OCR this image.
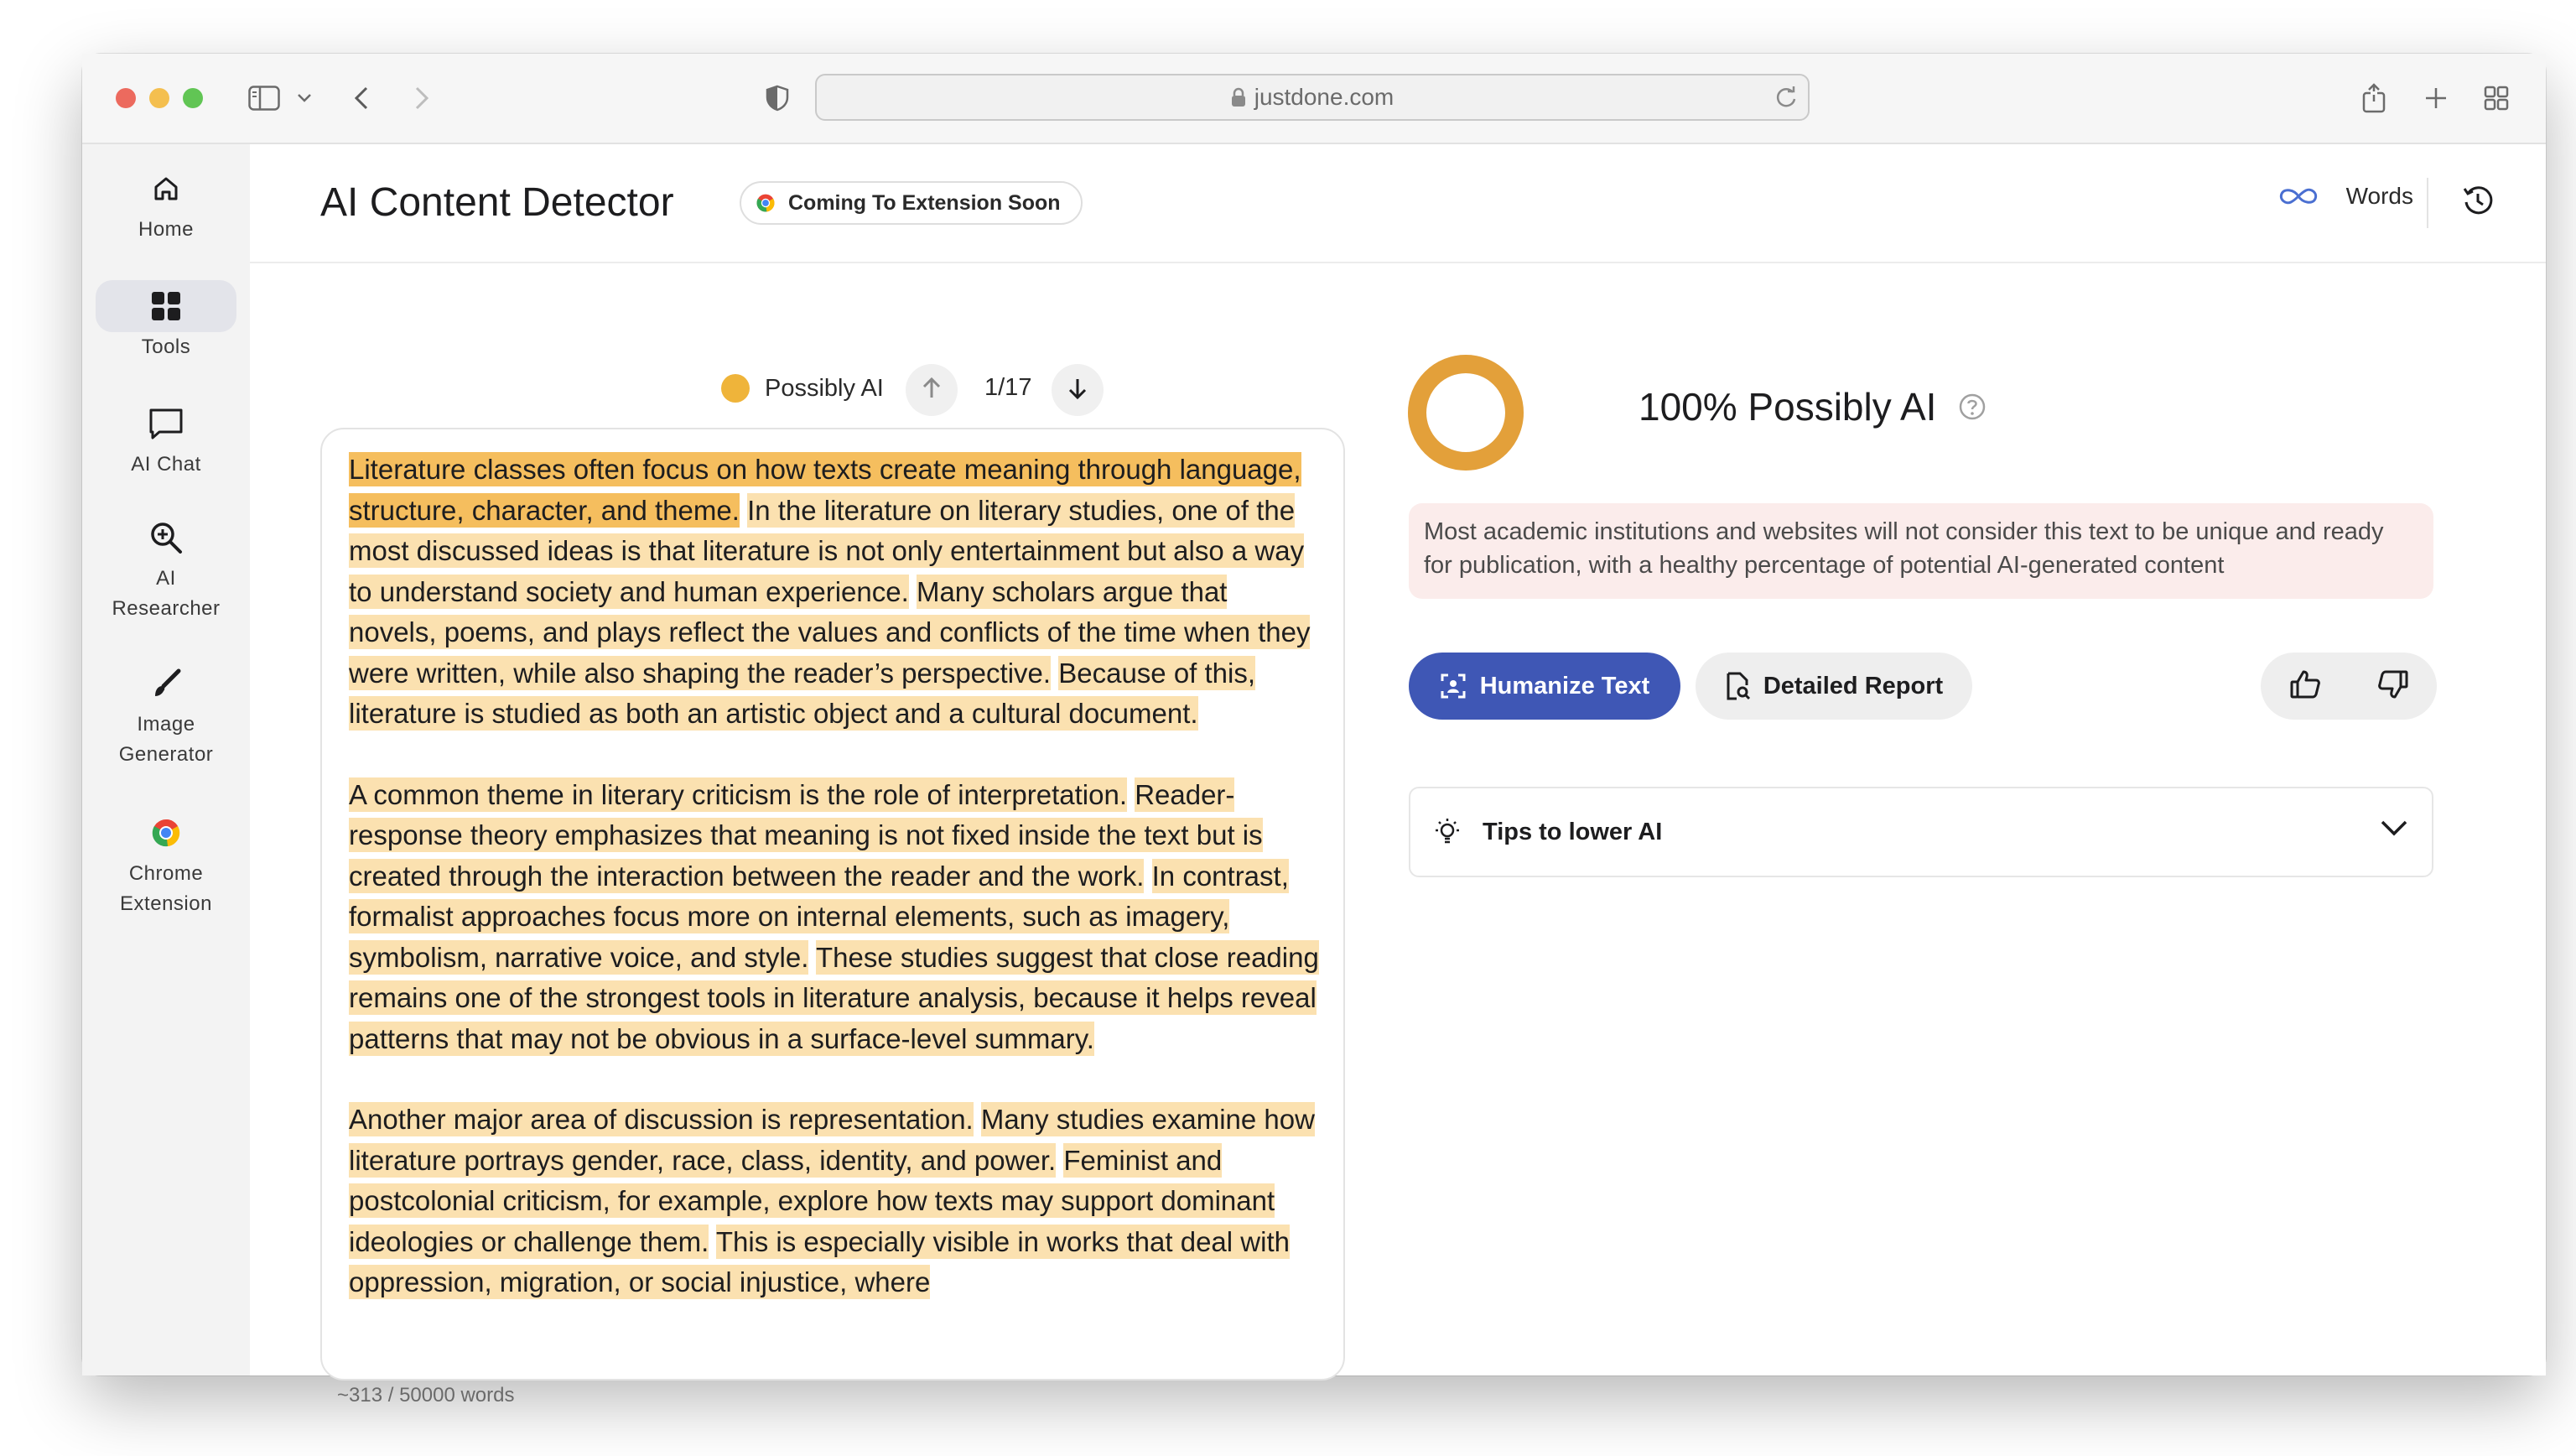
justdone.com
Home
Tools
AI Chat
AI
Researcher
Image
Generator
Chrome
Extension
AI Content Detector	Coming To Extension Soon	Words
Possibly AI	1/17

Literature classes often focus on how texts create meaning through language, structure, character, and theme. In the literature on literary studies, one of the most discussed ideas is that literature is not only entertainment but also a way to understand society and human experience. Many scholars argue that novels, poems, and plays reflect the values and conflicts of the time when they were written, while also shaping the reader’s perspective. Because of this, literature is studied as both an artistic object and a cultural document.

A common theme in literary criticism is the role of interpretation. Reader-response theory emphasizes that meaning is not fixed inside the text but is created through the interaction between the reader and the work. In contrast, formalist approaches focus more on internal elements, such as imagery, symbolism, narrative voice, and style. These studies suggest that close reading remains one of the strongest tools in literature analysis, because it helps reveal patterns that may not be obvious in a surface-level summary.

Another major area of discussion is representation. Many studies examine how literature portrays gender, race, class, identity, and power. Feminist and postcolonial criticism, for example, explore how texts may support dominant ideologies or challenge them. This is especially visible in works that deal with oppression, migration, or social injustice, where

~313 / 50000 words
100% Possibly AI
Most academic institutions and websites will not consider this text to be unique and ready for publication, with a healthy percentage of potential AI-generated content
Humanize Text	Detailed Report
Tips to lower AI
